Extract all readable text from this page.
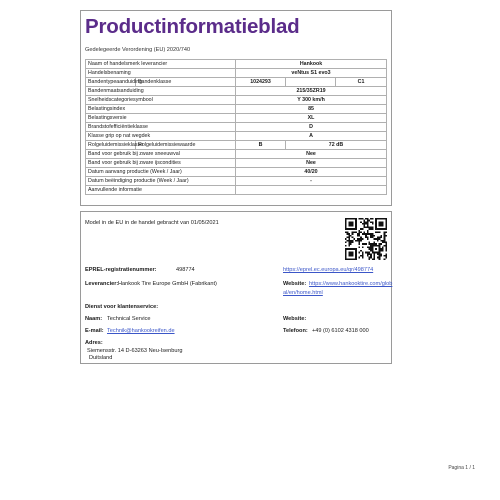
Productinformatieblad
Gedelegeerde Verordening (EU) 2020/740
Naam of handelsmerk leverancier		Hankook		
Handelsbenaming		veNtus S1 evo3		
Bandentypeaanduiding	Bandenklasse	1024293		C1
Bandenmaatsanduiding		215/35ZR19		
Snelheidscategoriesymbool		Y 300 km/h		
Belastingsindex		85		
Belastingsversie		XL		
Brandstofefficiëntieklasse		D		
Klasse grip op nat wegdek		A		
Rolgeluidemissieklasse	Rolgeluidemissiewaarde	B	72 dB	
Band voor gebruik bij zware sneeuwval		Nee		
Band voor gebruik bij zware ijscondities		Nee		
Datum aanvang productie (Week / Jaar)		40/20		
Datum beëindiging productie (Week / Jaar)		-		
Aanvullende informatie				
Model in de EU in de handel gebracht van 01/05/2021
EPREL-registratienummer:	498774	https://eprel.ec.europa.eu/qr/498774
Leverancier: Hankook Tire Europe GmbH (Fabrikant)	Website: https://www.hankooktire.com/glob
al/en/home.html
Dienst voor klantenservice:
Naam: Technical Service	Website:
E-mail: Technik@hankookreifen.de	Telefoon: +49 (0) 6102 4318 000
Adres:
Siemensstr. 14 D-63263 Neu-Isenburg
Duitsland
Pagina 1 / 1
